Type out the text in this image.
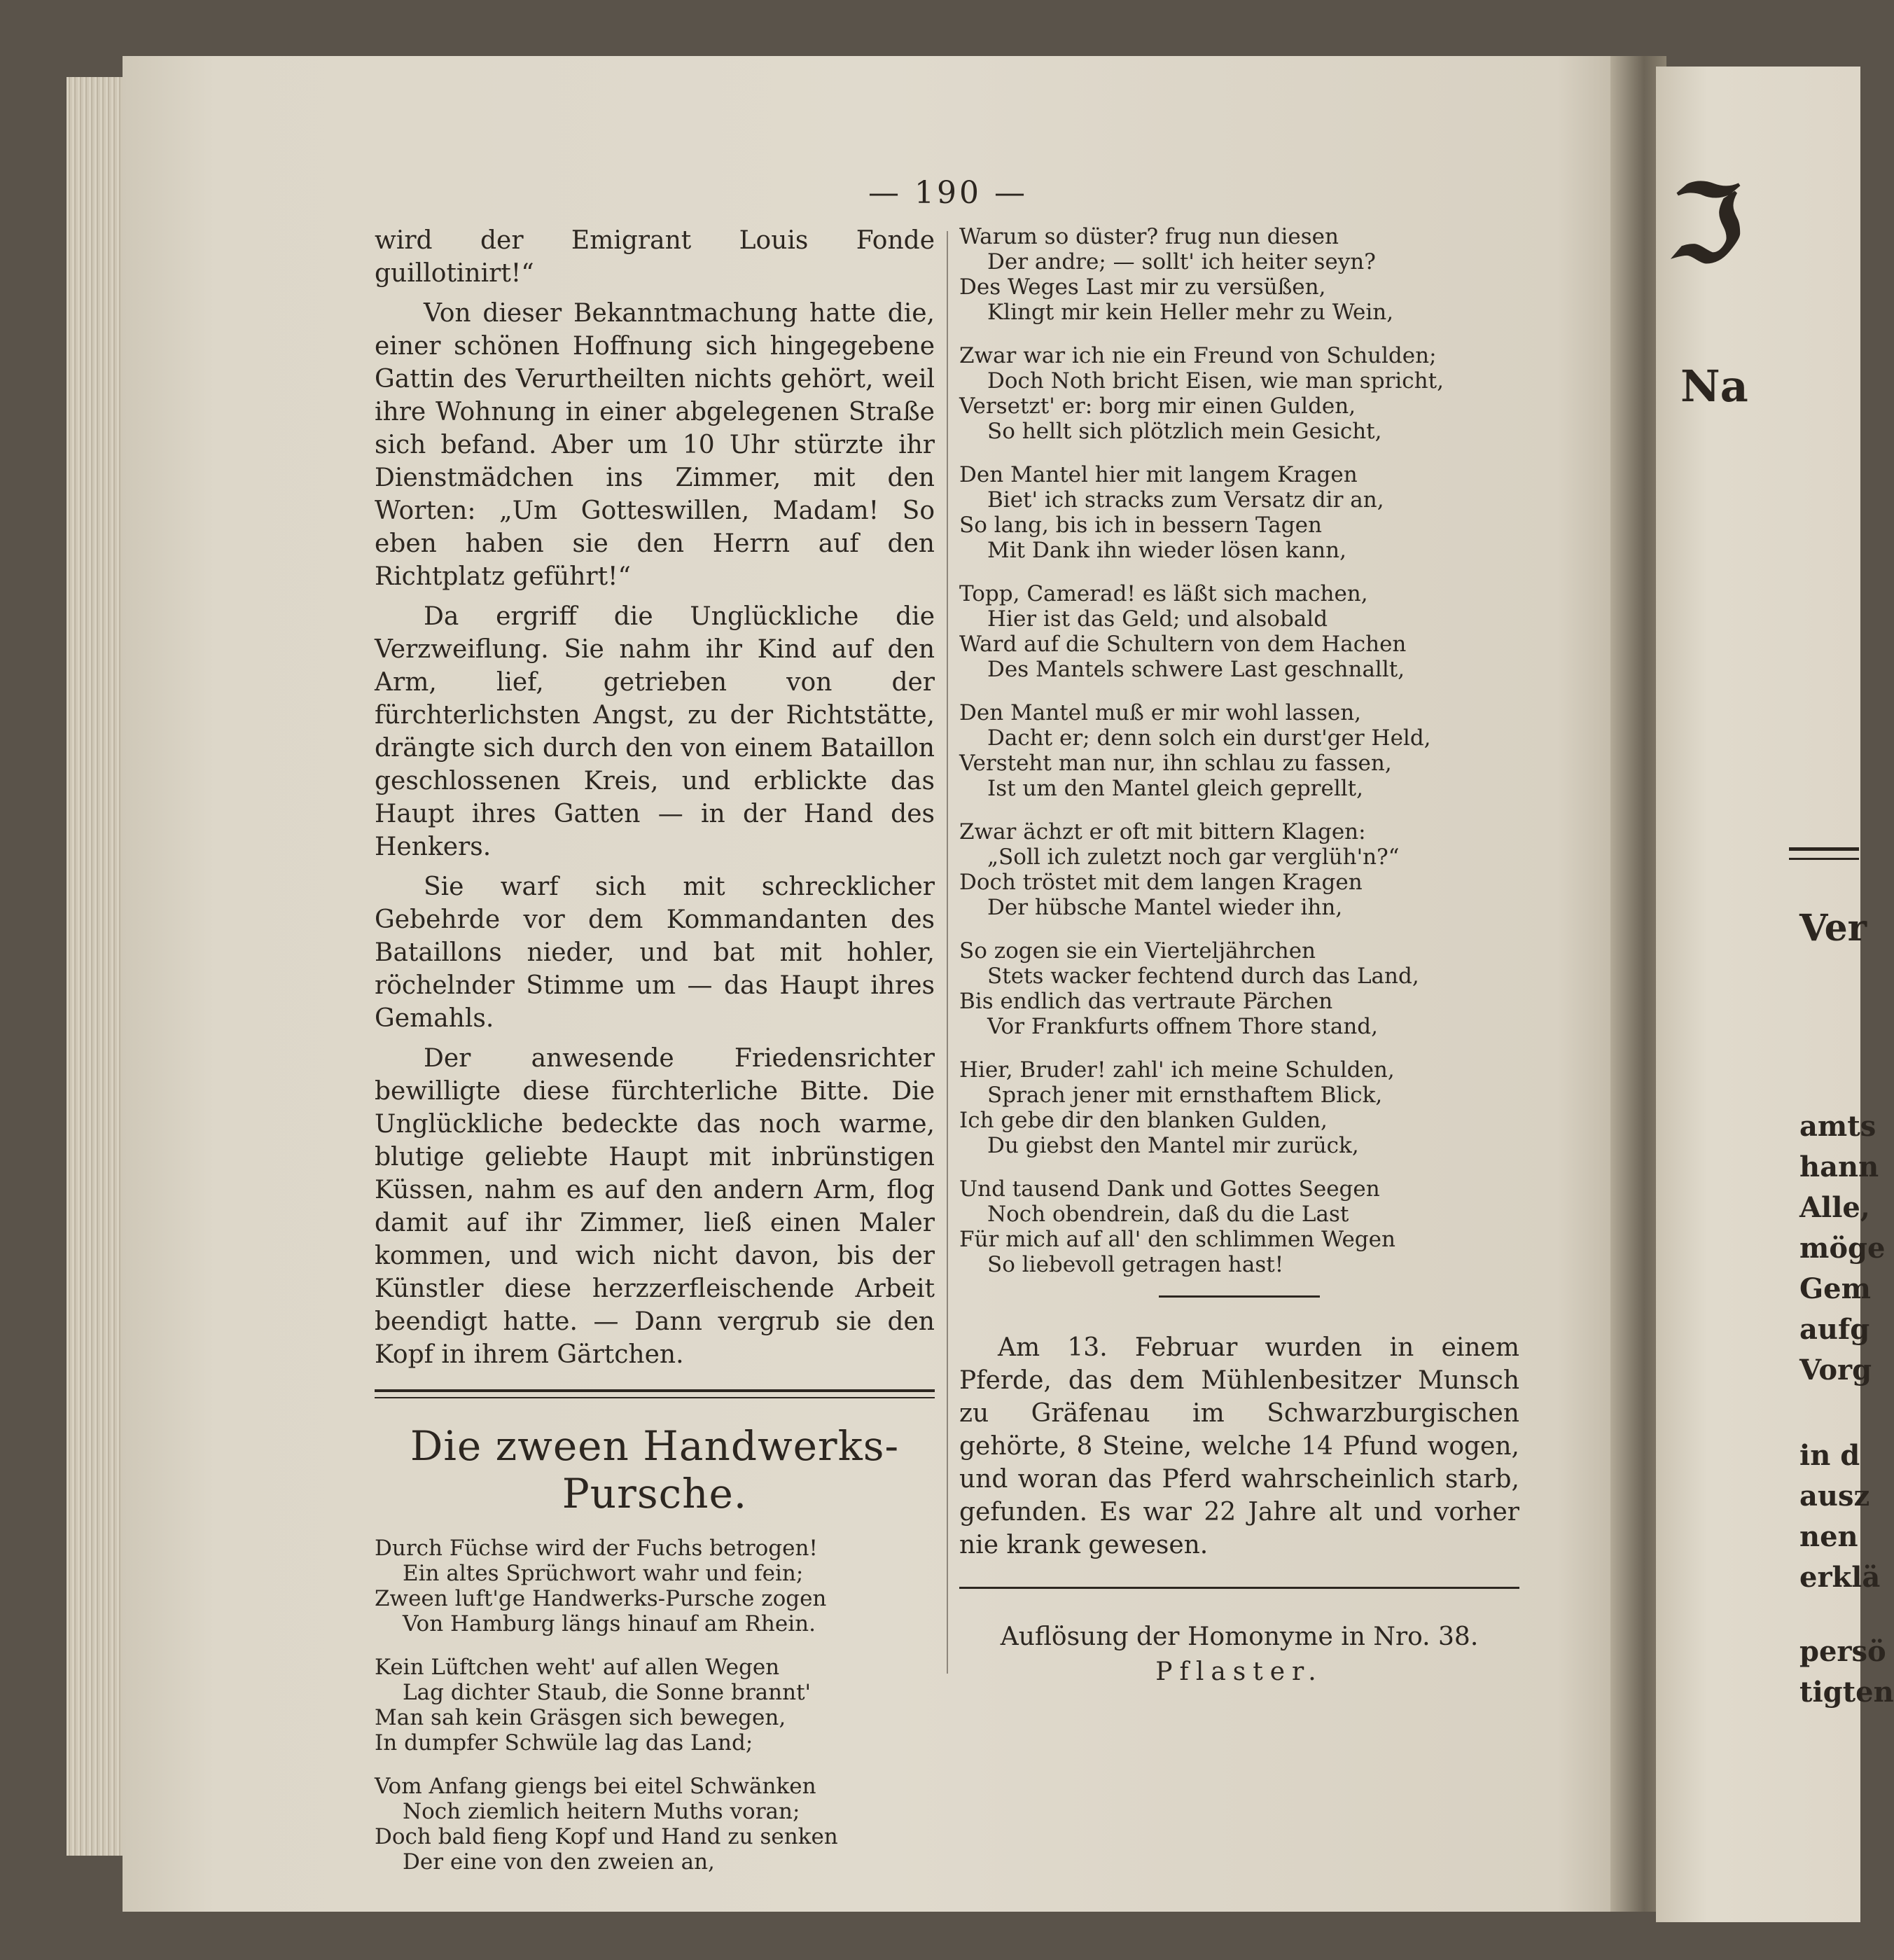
ℑ
Na
Ver
amts
hann
Alle,
möge
Gem
aufg
Vorg
in d
ausz
nen
erklä
persö
tigten
— 190 —

wird der Emigrant Louis Fonde guillotinirt!“

Von dieser Bekanntmachung hatte die, einer schönen Hoffnung sich hingegebene Gattin des Verurtheilten nichts gehört, weil ihre Wohnung in einer abgelegenen Straße sich befand. Aber um 10 Uhr stürzte ihr Dienstmädchen ins Zimmer, mit den Worten: „Um Gotteswillen, Madam! So eben haben sie den Herrn auf den Richtplatz geführt!“

Da ergriff die Unglückliche die Verzweiflung. Sie nahm ihr Kind auf den Arm, lief, getrieben von der fürchterlichsten Angst, zu der Richtstätte, drängte sich durch den von einem Bataillon geschlossenen Kreis, und erblickte das Haupt ihres Gatten — in der Hand des Henkers.

Sie warf sich mit schrecklicher Gebehrde vor dem Kommandanten des Bataillons nieder, und bat mit hohler, röchelnder Stimme um — das Haupt ihres Gemahls.

Der anwesende Friedensrichter bewilligte diese fürchterliche Bitte. Die Unglückliche bedeckte das noch warme, blutige geliebte Haupt mit inbrünstigen Küssen, nahm es auf den andern Arm, flog damit auf ihr Zimmer, ließ einen Maler kommen, und wich nicht davon, bis der Künstler diese herzzerfleischende Arbeit beendigt hatte. — Dann vergrub sie den Kopf in ihrem Gärtchen.

Die zween Handwerks-Pursche.
Durch Füchse wird der Fuchs betrogen!
Ein altes Sprüchwort wahr und fein;
Zween luft'ge Handwerks-Pursche zogen
Von Hamburg längs hinauf am Rhein.
Kein Lüftchen weht' auf allen Wegen
Lag dichter Staub, die Sonne brannt'
Man sah kein Gräsgen sich bewegen,
In dumpfer Schwüle lag das Land;
Vom Anfang giengs bei eitel Schwänken
Noch ziemlich heitern Muths voran;
Doch bald fieng Kopf und Hand zu senken
Der eine von den zweien an,
Warum so düster? frug nun diesen
Der andre; — sollt' ich heiter seyn?
Des Weges Last mir zu versüßen,
Klingt mir kein Heller mehr zu Wein,
Zwar war ich nie ein Freund von Schulden;
Doch Noth bricht Eisen, wie man spricht,
Versetzt' er: borg mir einen Gulden,
So hellt sich plötzlich mein Gesicht,
Den Mantel hier mit langem Kragen
Biet' ich stracks zum Versatz dir an,
So lang, bis ich in bessern Tagen
Mit Dank ihn wieder lösen kann,
Topp, Camerad! es läßt sich machen,
Hier ist das Geld; und alsobald
Ward auf die Schultern von dem Hachen
Des Mantels schwere Last geschnallt,
Den Mantel muß er mir wohl lassen,
Dacht er; denn solch ein durst'ger Held,
Versteht man nur, ihn schlau zu fassen,
Ist um den Mantel gleich geprellt,
Zwar ächzt er oft mit bittern Klagen:
„Soll ich zuletzt noch gar verglüh'n?“
Doch tröstet mit dem langen Kragen
Der hübsche Mantel wieder ihn,
So zogen sie ein Vierteljährchen
Stets wacker fechtend durch das Land,
Bis endlich das vertraute Pärchen
Vor Frankfurts offnem Thore stand,
Hier, Bruder! zahl' ich meine Schulden,
Sprach jener mit ernsthaftem Blick,
Ich gebe dir den blanken Gulden,
Du giebst den Mantel mir zurück,
Und tausend Dank und Gottes Seegen
Noch obendrein, daß du die Last
Für mich auf all' den schlimmen Wegen
So liebevoll getragen hast!

Am 13. Februar wurden in einem Pferde, das dem Mühlenbesitzer Munsch zu Gräfenau im Schwarzburgischen gehörte, 8 Steine, welche 14 Pfund wogen, und woran das Pferd wahrscheinlich starb, gefunden. Es war 22 Jahre alt und vorher nie krank gewesen.

Auflösung der Homonyme in Nro. 38.
Pflaster.
